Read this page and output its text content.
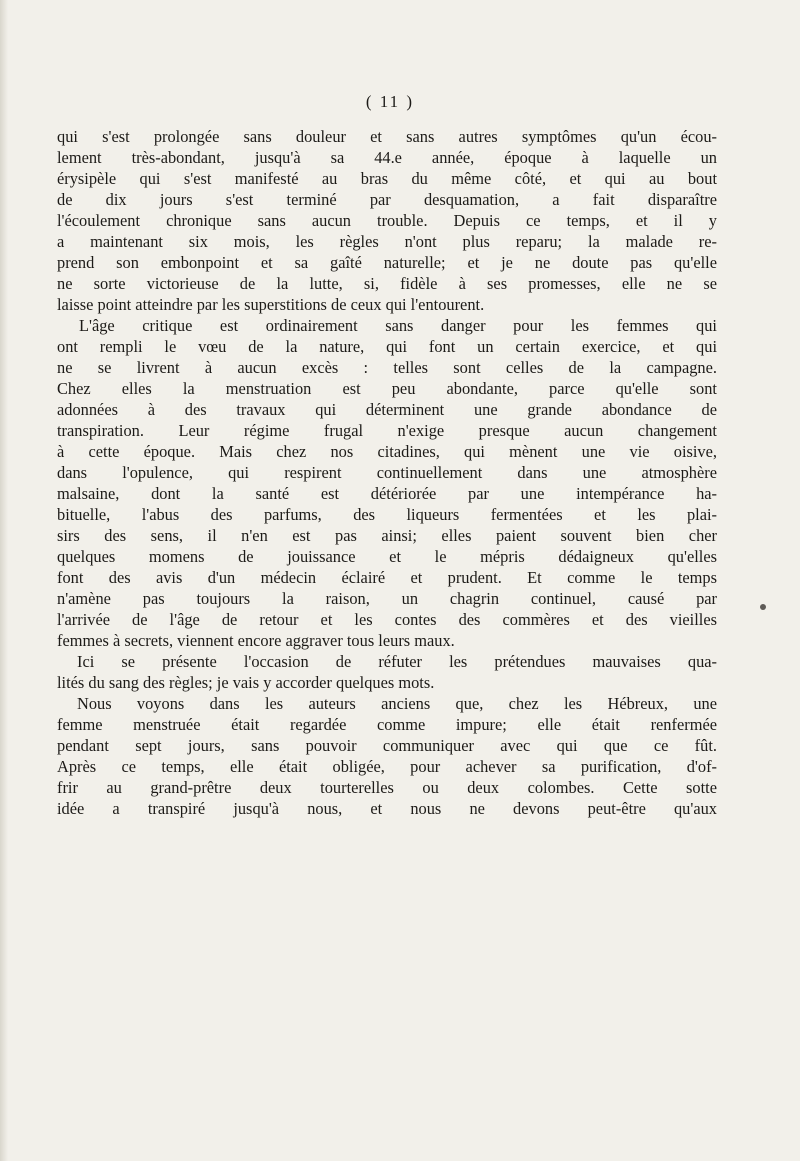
( 11 )
qui s'est prolongée sans douleur et sans autres symptômes qu'un écou-
lement très-abondant, jusqu'à sa 44.e année, époque à laquelle un
érysipèle qui s'est manifesté au bras du même côté, et qui au bout
de dix jours s'est terminé par desquamation, a fait disparaître
l'écoulement chronique sans aucun trouble. Depuis ce temps, et il y
a maintenant six mois, les règles n'ont plus reparu; la malade re-
prend son embonpoint et sa gaîté naturelle; et je ne doute pas qu'elle
ne sorte victorieuse de la lutte, si, fidèle à ses promesses, elle ne se
laisse point atteindre par les superstitions de ceux qui l'entourent.
L'âge critique est ordinairement sans danger pour les femmes qui
ont rempli le vœu de la nature, qui font un certain exercice, et qui
ne se livrent à aucun excès : telles sont celles de la campagne.
Chez elles la menstruation est peu abondante, parce qu'elle sont
adonnées à des travaux qui déterminent une grande abondance de
transpiration. Leur régime frugal n'exige presque aucun changement
à cette époque. Mais chez nos citadines, qui mènent une vie oisive,
dans l'opulence, qui respirent continuellement dans une atmosphère
malsaine, dont la santé est détériorée par une intempérance ha-
bituelle, l'abus des parfums, des liqueurs fermentées et les plai-
sirs des sens, il n'en est pas ainsi; elles paient souvent bien cher
quelques momens de jouissance et le mépris dédaigneux qu'elles
font des avis d'un médecin éclairé et prudent. Et comme le temps
n'amène pas toujours la raison, un chagrin continuel, causé par
l'arrivée de l'âge de retour et les contes des commères et des vieilles
femmes à secrets, viennent encore aggraver tous leurs maux.
Ici se présente l'occasion de réfuter les prétendues mauvaises qua-
lités du sang des règles; je vais y accorder quelques mots.
Nous voyons dans les auteurs anciens que, chez les Hébreux, une
femme menstruée était regardée comme impure; elle était renfermée
pendant sept jours, sans pouvoir communiquer avec qui que ce fût.
Après ce temps, elle était obligée, pour achever sa purification, d'of-
frir au grand-prêtre deux tourterelles ou deux colombes. Cette sotte
idée a transpiré jusqu'à nous, et nous ne devons peut-être qu'aux
